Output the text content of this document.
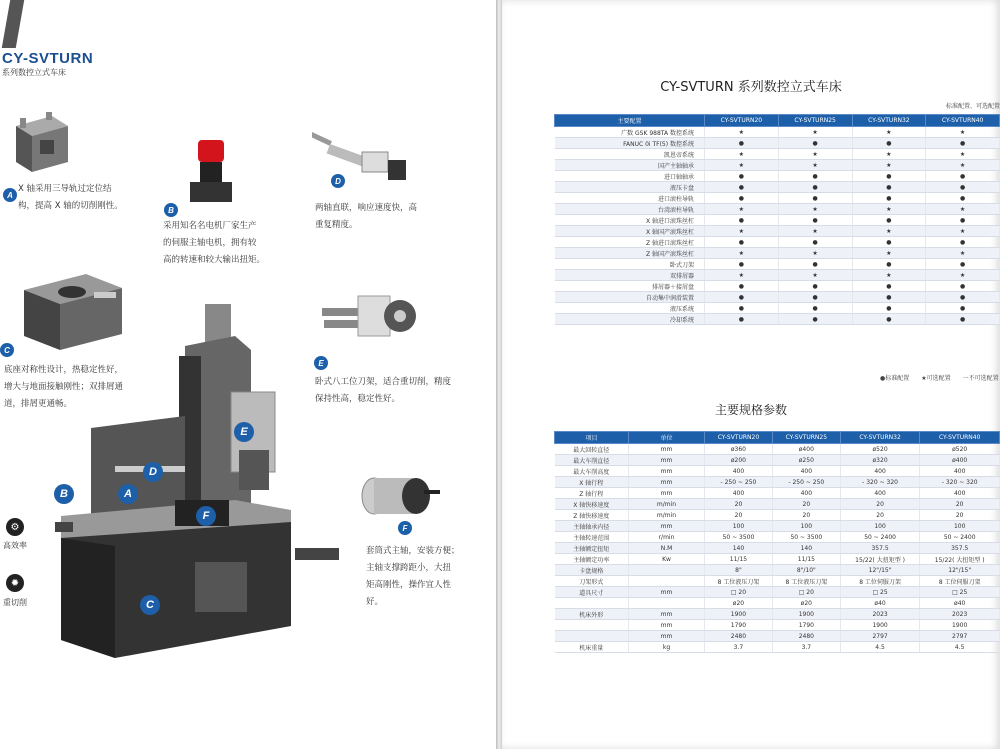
CY-SVTURN
系列数控立式车床
A
X 轴采用三导轨过定位结
构，提高 X 轴的切削刚性。	B
采用知名名电机厂家生产
的伺服主轴电机，拥有较
高的转速和较大输出扭矩。
D
两轴直联，响应速度快，高
重复精度。
C
底座对称性设计，热稳定性好，
增大与地面接触刚性；双排屑通
道，排屑更通畅。
E
卧式八工位刀架，适合重切削，精度
保持性高，稳定性好。
F
套筒式主轴，安装方便；
主轴支撑跨距小，大扭
矩高刚性，操作宜人性
好。
E
D
B	A
F
C
⚙
高效率
✹
重切削
CY-SVTURN 系列数控立式车床
标准配置、可选配置
主要配置	CY-SVTURN20	CY-SVTURN25	CY-SVTURN32	CY-SVTURN40
广数 GSK 988TA 数控系统	★	★	★	★
FANUC 0i TF(5) 数控系统	●	●	●	●
凯恩帝系统	★	★	★	★
国产主轴轴承	★	★	★	★
进口轴轴承	●	●	●	●
液压卡盘	●	●	●	●
进口滚柱导轨	●	●	●	●
台湾滚柱导轨	★	★	★	★
X 轴进口滚珠丝杠	●	●	●	●
X 轴国产滚珠丝杠	★	★	★	★
Z 轴进口滚珠丝杠	●	●	●	●
Z 轴国产滚珠丝杠	★	★	★	★
卧式刀架	●	●	●	●
双排屑器	★	★	★	★
排屑器＋接屑盘	●	●	●	●
自动集中润滑装置	●	●	●	●
液压系统	●	●	●	●
冷却系统	●	●	●	●
●标准配置　　★可选配置　　一不可选配置
主要规格参数
项目	单位	CY-SVTURN20	CY-SVTURN25	CY-SVTURN32	CY-SVTURN40
最大回转直径	mm	ø360	ø400	ø520	ø520
最大车削直径	mm	ø200	ø250	ø320	ø400
最大车削高度	mm	400	400	400	400
X 轴行程	mm	- 250 ~ 250	- 250 ~ 250	- 320 ~ 320	- 320 ~ 320
Z 轴行程	mm	400	400	400	400
X 轴快移速度	m/min	20	20	20	20
Z 轴快移速度	m/min	20	20	20	20
主轴轴承内径	mm	100	100	100	100
主轴转速范围	r/min	50 ~ 3500	50 ~ 3500	50 ~ 2400	50 ~ 2400
主轴额定扭矩	N.M	140	140	357.5	357.5
主轴额定功率	Kw	11/15	11/15	15/22( 大扭矩型 )	15/22( 大扭矩型 )
卡盘规格		8"	8"/10"	12"/15"	12"/15"
刀架形式		8 工位液压刀架	8 工位液压刀架	8 工位伺服刀架	8 工位伺服刀架
道具尺寸	mm	□ 20	□ 20	□ 25	□ 25
		ø20	ø20	ø40	ø40
机床外形	mm	1900	1900	2023	2023
	mm	1790	1790	1900	1900
	mm	2480	2480	2797	2797
机床重量	kg	3.7	3.7	4.5	4.5
